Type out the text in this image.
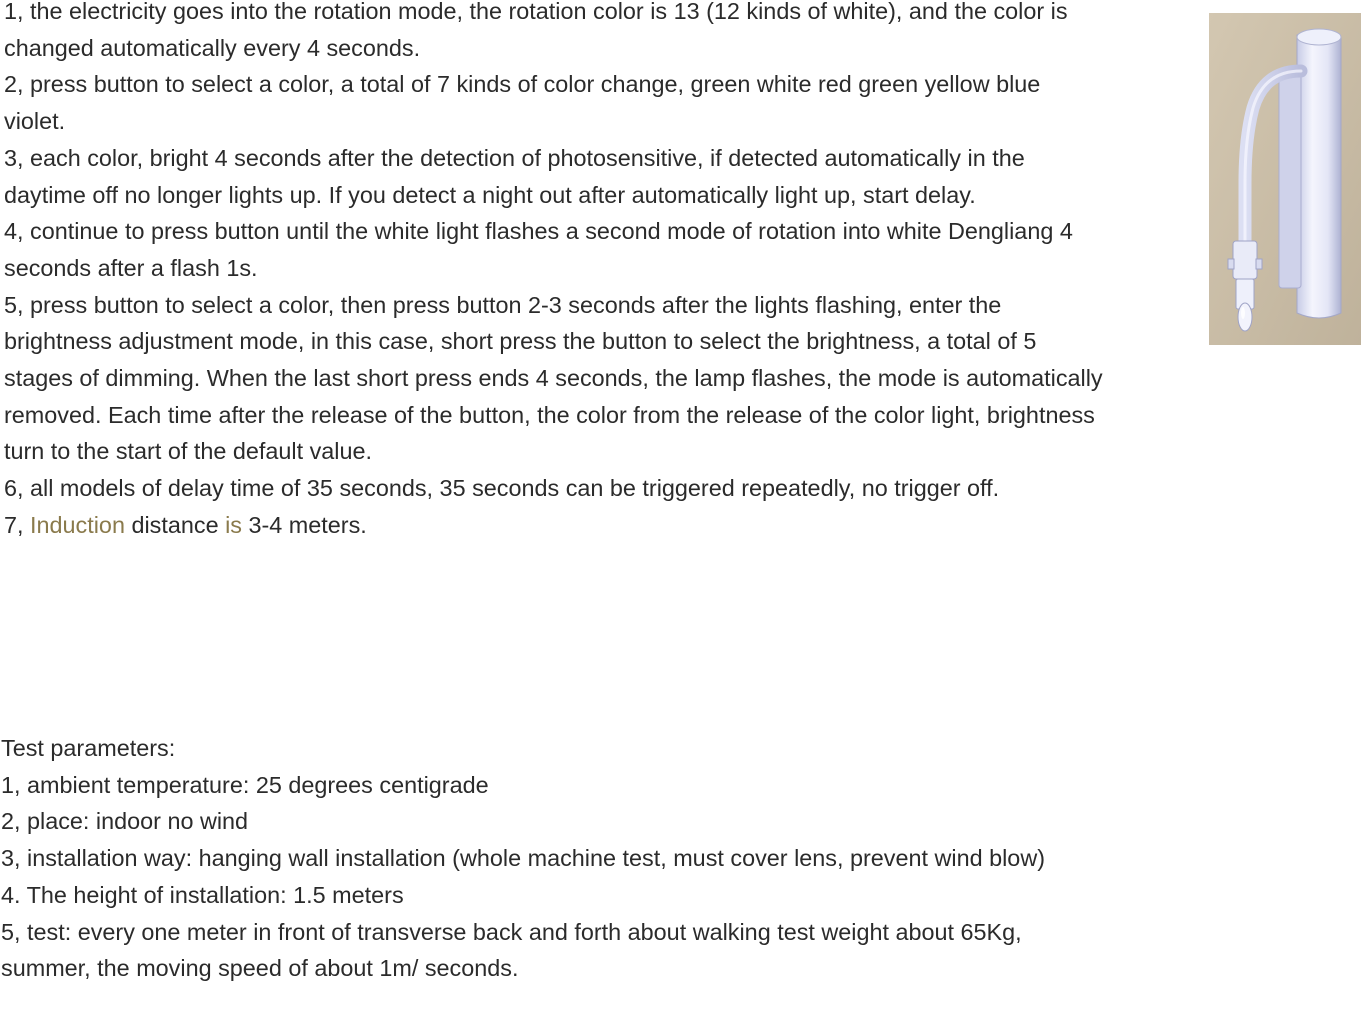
1, the electricity goes into the rotation mode, the rotation color is 13 (12 kinds of white), and the color is changed automatically every 4 seconds.

2, press button to select a color, a total of 7 kinds of color change, green white red green yellow blue violet.

3, each color, bright 4 seconds after the detection of photosensitive, if detected automatically in the daytime off no longer lights up. If you detect a night out after automatically light up, start delay.

4, continue to press button until the white light flashes a second mode of rotation into white Dengliang 4 seconds after a flash 1s.

5, press button to select a color, then press button 2-3 seconds after the lights flashing, enter the brightness adjustment mode, in this case, short press the button to select the brightness, a total of 5 stages of dimming. When the last short press ends 4 seconds, the lamp flashes, the mode is automatically removed. Each time after the release of the button, the color from the release of the color light, brightness turn to the start of the default value.

6, all models of delay time of 35 seconds, 35 seconds can be triggered repeatedly, no trigger off.

7, Induction distance is 3-4 meters.

Test parameters:

1, ambient temperature: 25 degrees centigrade

2, place: indoor no wind

3, installation way: hanging wall installation (whole machine test, must cover lens, prevent wind blow)

4. The height of installation: 1.5 meters

5, test: every one meter in front of transverse back and forth about walking test weight about 65Kg, summer, the moving speed of about 1m/ seconds.
